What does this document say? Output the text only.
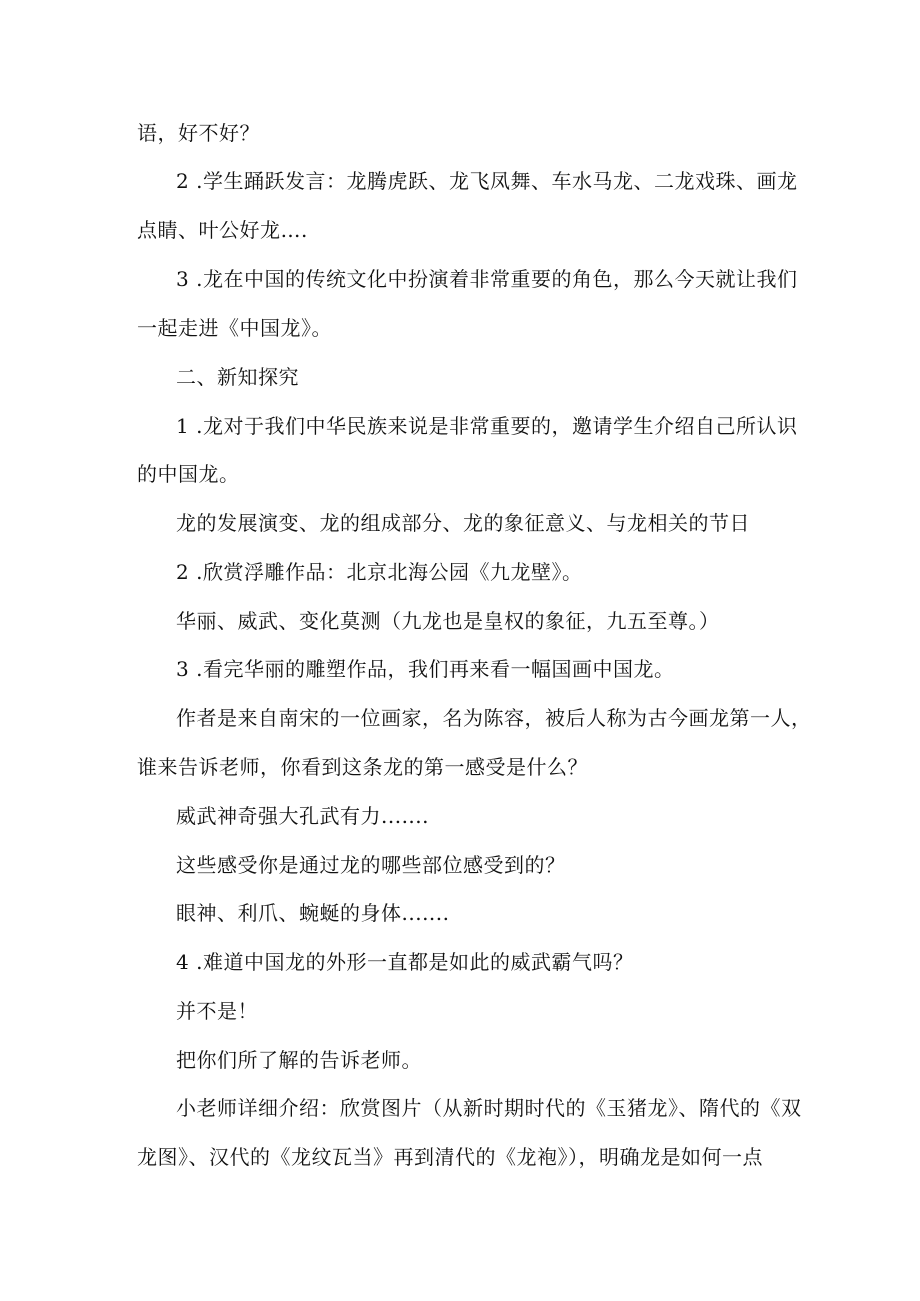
语，好不好？
2 .学生踊跃发言：龙腾虎跃、龙飞凤舞、车水马龙、二龙戏珠、画龙
点睛、叶公好龙….
3 .龙在中国的传统文化中扮演着非常重要的角色，那么今天就让我们
一起走进《中国龙》。
二、新知探究
1 .龙对于我们中华民族来说是非常重要的，邀请学生介绍自己所认识
的中国龙。
龙的发展演变、龙的组成部分、龙的象征意义、与龙相关的节日
2 .欣赏浮雕作品：北京北海公园《九龙壁》。
华丽、威武、变化莫测（九龙也是皇权的象征，九五至尊。）
3 .看完华丽的雕塑作品，我们再来看一幅国画中国龙。
作者是来自南宋的一位画家，名为陈容，被后人称为古今画龙第一人，
谁来告诉老师，你看到这条龙的第一感受是什么？
威武神奇强大孔武有力.......
这些感受你是通过龙的哪些部位感受到的？
眼神、利爪、蜿蜒的身体.......
4 .难道中国龙的外形一直都是如此的威武霸气吗？
并不是！
把你们所了解的告诉老师。
小老师详细介绍：欣赏图片（从新时期时代的《玉猪龙》、隋代的《双
龙图》、汉代的《龙纹瓦当》再到清代的《龙袍》），明确龙是如何一点
